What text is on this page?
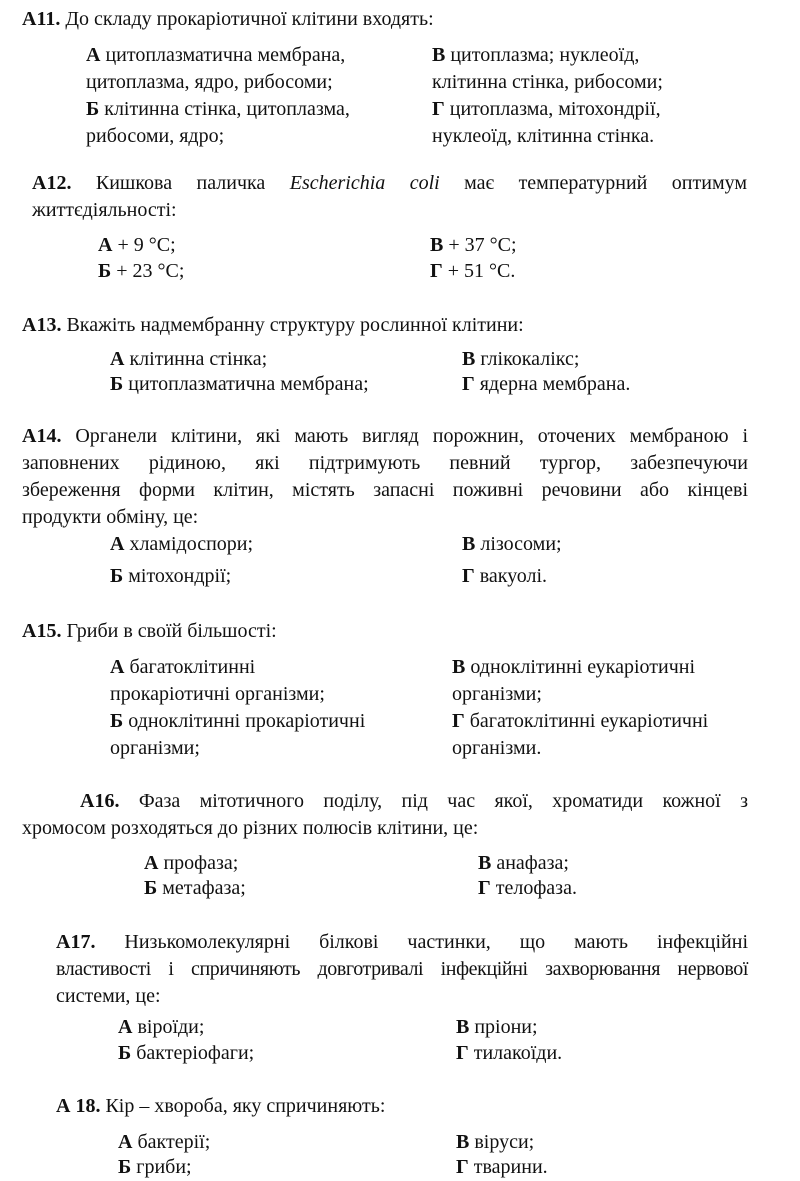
A11. До складу прокаріотичної клітини входять:
А цитоплазматична мембрана,
цитоплазма, ядро, рибосоми;
Б клітинна стінка, цитоплазма,
рибосоми, ядро;
В цитоплазма; нуклеоїд,
клітинна стінка, рибосоми;
Г цитоплазма, мітохондрії,
нуклеоїд, клітинна стінка.
A12. Кишкова паличка Escherichia coli має температурний оптимум
життєдіяльності:
А + 9 °С;
Б + 23 °С;
В + 37 °С;
Г + 51 °С.
A13. Вкажіть надмембранну структуру рослинної клітини:
А клітинна стінка;
Б цитоплазматична мембрана;
В глікокалікс;
Г ядерна мембрана.
A14. Органели клітини, які мають вигляд порожнин, оточених мембраною і
заповнених рідиною, які підтримують певний тургор, забезпечуючи
збереження форми клітин, містять запасні поживні речовини або кінцеві
продукти обміну, це:
А хламідоспори;
Б мітохондрії;
В лізосоми;
Г вакуолі.
A15. Гриби в своїй більшості:
А багатоклітинні
прокаріотичні організми;
Б одноклітинні прокаріотичні
організми;
В одноклітинні еукаріотичні
організми;
Г багатоклітинні еукаріотичні
організми.
A16. Фаза мітотичного поділу, під час якої, хроматиди кожної з
хромосом розходяться до різних полюсів клітини, це:
А профаза;
Б метафаза;
В анафаза;
Г телофаза.
A17. Низькомолекулярні білкові частинки, що мають інфекційні
властивості і спричиняють довготривалі інфекційні захворювання нервової
системи, це:
А віроїди;
Б бактеріофаги;
В пріони;
Г тилакоїди.
А 18. Кір – хвороба, яку спричиняють:
А бактерії;
Б гриби;
В віруси;
Г тварини.
